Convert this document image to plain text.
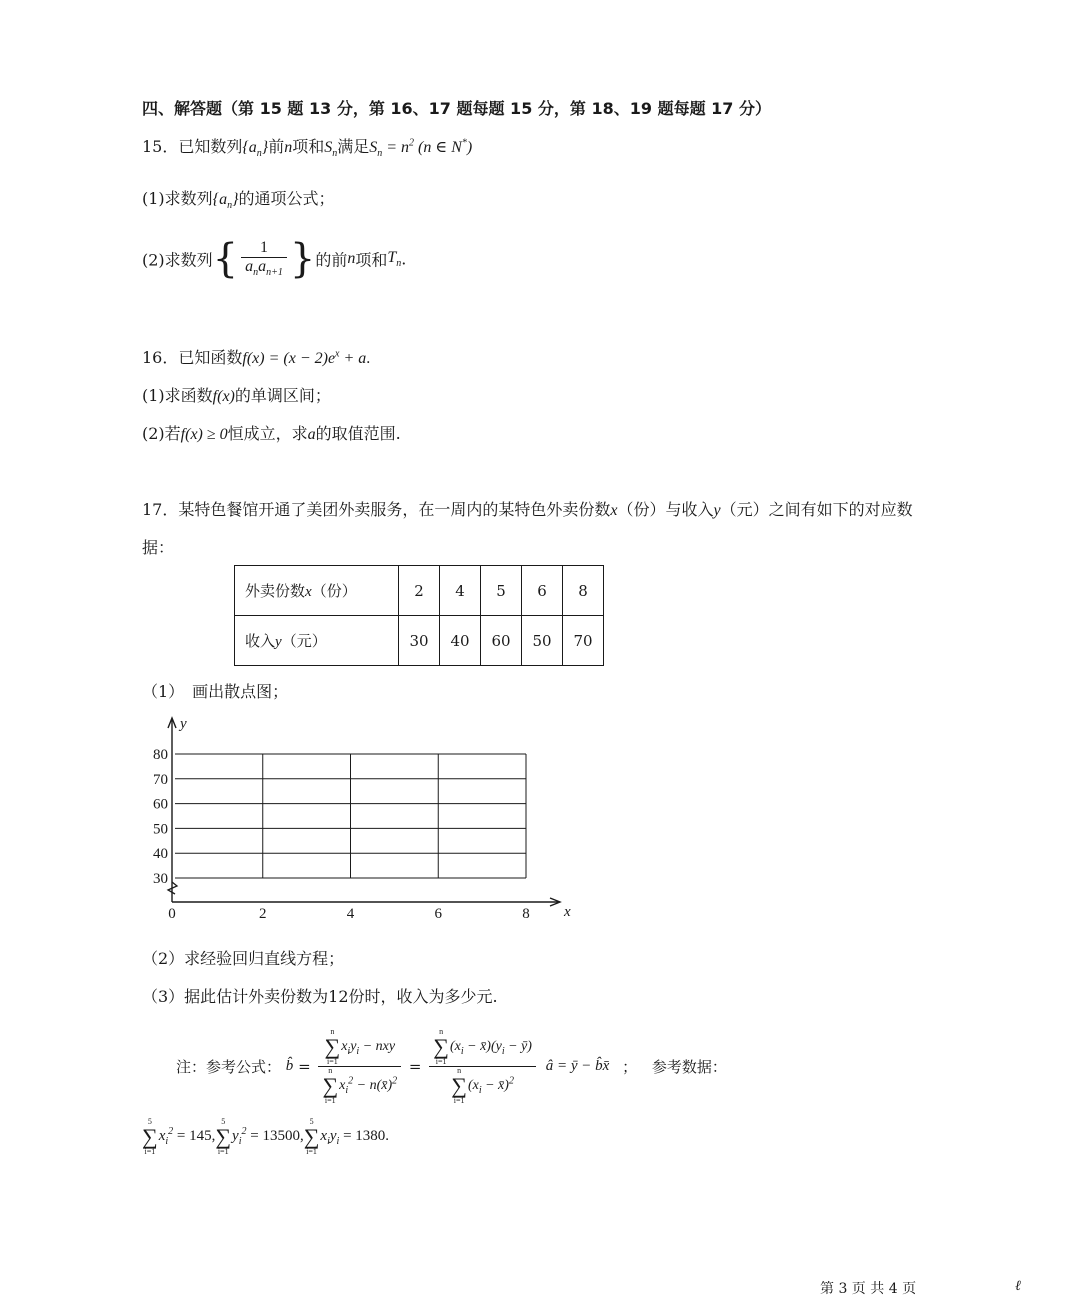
四、解答题（第 15 题 13 分，第 16、17 题每题 15 分，第 18、19 题每题 17 分）
15．已知数列$\{a_n\}$前n项和$S_n$满足$S_n = n^2$ (n ∈ N*)
(1)求数列$\{a_n\}$的通项公式；
(2)求数列{ $\frac{1}{a_na_{n+1}}$ }的前n项和$T_n$.
16．已知函数$f(x) = (x - 2)e^x + a$.
(1)求函数f(x)的单调区间；
(2)若f(x) ≥ 0恒成立，求a的取值范围.
17．某特色餐馆开通了美团外卖服务，在一周内的某特色外卖份数x（份）与收入y（元）之间有如下的对应数
据：
外卖份数x（份）	2	4	5	6	8
收入y（元）	30	40	60	50	70
（1）　画出散点图；
30
40
50
60
70
80
0	2	4	6	8
y
x
（2）求经验回归直线方程；
（3）据此估计外卖份数为12份时，收入为多少元.
注：参考公式： b̂ = n
∑
i=1
$x_iy_i$ − nxy
n
∑
i=1
$x_i^2$ − n(x̄)$^2$ = n
∑
i=1
($x_i$ − $x̄)(y_i$ − ȳ)
n
∑
i=1
($x_i$ − x̄)$^2$ â = ȳ − b̂x̄ ； 参考数据：
5
∑
i=1
$x_i^2 = 145$,
5
∑
i=1
$y_i^2 = 13500$,
5
∑
i=1
$x_iy_i = 1380$.
第 3 页 共 4 页	ℓ
